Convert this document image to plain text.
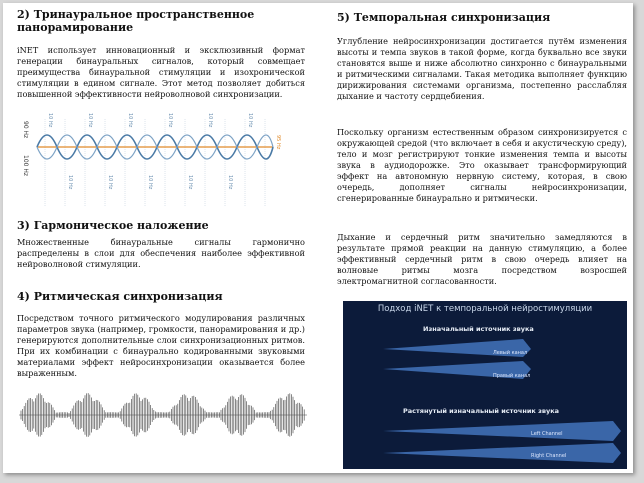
2) Тринауральное пространственное
панорамирование

iNET использует инновационный и эксклюзивный формат генерации бинауральных сигналов, который совмещает преимущества бинауральной стимуляции и изохронической стимуляции в едином сигнале. Этот метод позволяет добиться повышенной эффективности нейроволновой синхронизации.

90 Hz
100 Hz
95 Hz
10 Hz	10 Hz	10 Hz	10 Hz	10 Hz	10 Hz
10 Hz	10 Hz	10 Hz	10 Hz	10 Hz
3) Гармоническое наложение

Множественные бинауральные сигналы гармонично распределены в слои для обеспечения наиболее эффективной нейроволновой стимуляции.

4) Ритмическая синхронизация

Посредством точного ритмического модулирования различных параметров звука (например, громкости, панорамирования и др.) генерируются дополнительные слои синхронизационных ритмов. При их комбинации с бинаурально кодированными звуковыми материалами эффект нейросинхронизации оказывается более выраженным.

5) Темпоральная синхронизация

Углубление нейросинхронизации достигается путём изменения высоты и темпа звуков в такой форме, когда буквально все звуки становятся выше и ниже абсолютно синхронно с бинауральными и ритмическими сигналами. Такая методика выполняет функцию дирижирования системами организма, постепенно расслабляя дыхание и частоту сердцебиения.

Поскольку организм естественным образом синхронизируется с окружающей средой (что включает в себя и акустическую среду), тело и мозг регистрируют тонкие изменения темпа и высоты звука в аудиодорожке. Это оказывает трансформирующий эффект на автономную нервную систему, которая, в свою очередь, дополняет сигналы нейросинхронизации, сгенерированные бинаурально и ритмически.

Дыхание и сердечный ритм значительно замедляются в результате прямой реакции на данную стимуляцию, а более эффективный сердечный ритм в свою очередь влияет на волновые ритмы мозга посредством возросшей электромагнитной согласованности.

Подход iNET к темпоральной нейростимуляции
Изначальный источник звука
Левый канал
Правый канал
Растянутый изначальный источник звука
Left Channel
Right Channel
